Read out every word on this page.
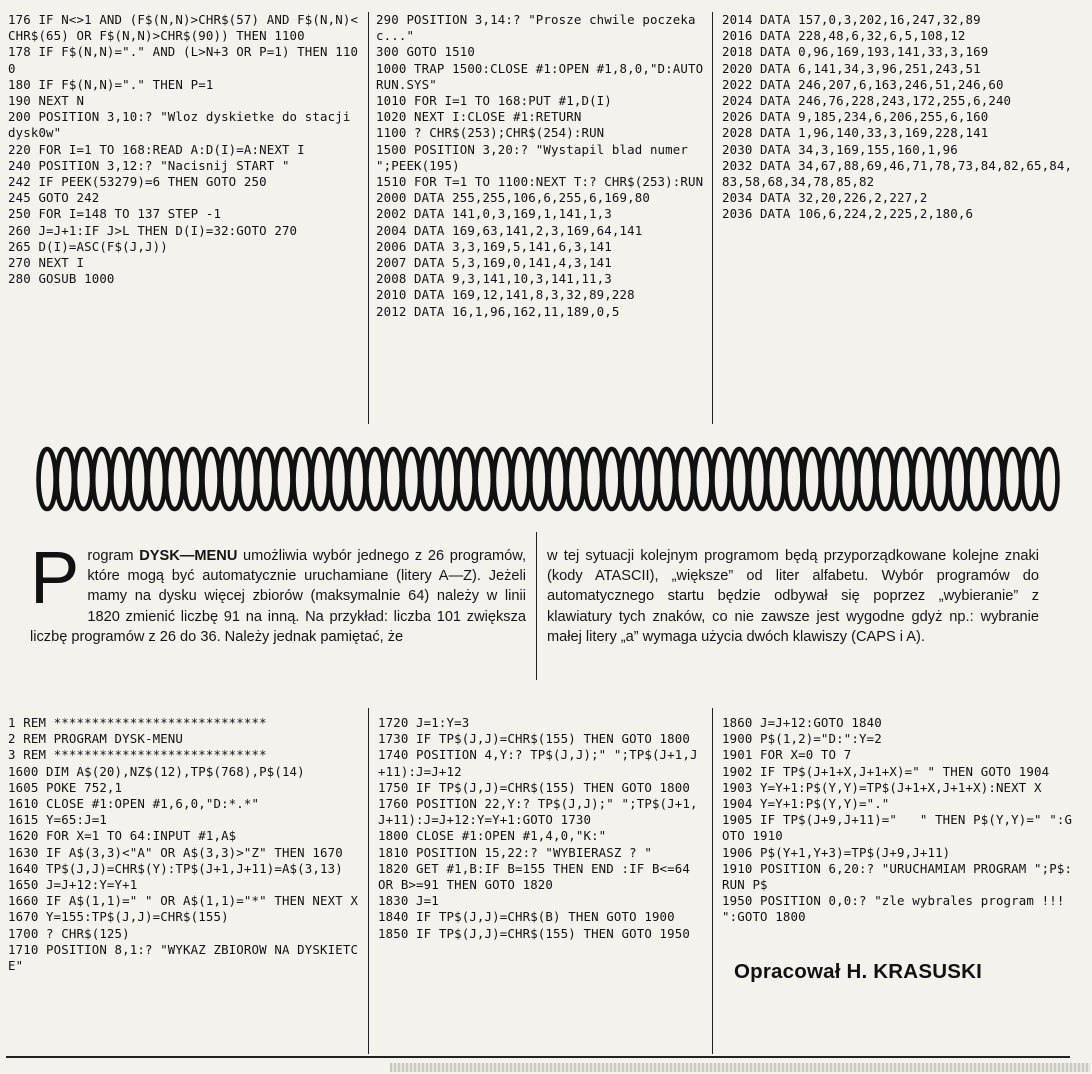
176 IF N<>1 AND (F$(N,N)>CHR$(57) AND F$(N,N)<CHR$(65) OR F$(N,N)>CHR$(90)) THEN 1100
178 IF F$(N,N)="." AND (L>N+3 OR P=1) THEN 1100
180 IF F$(N,N)="." THEN P=1
190 NEXT N
200 POSITION 3,10:? "Wloz dyskietke do stacji dysk0w"
220 FOR I=1 TO 168:READ A:D(I)=A:NEXT I
240 POSITION 3,12:? "Nacisnij START "
242 IF PEEK(53279)=6 THEN GOTO 250
245 GOTO 242
250 FOR I=148 TO 137 STEP -1
260 J=J+1:IF J>L THEN D(I)=32:GOTO 270
265 D(I)=ASC(F$(J,J))
270 NEXT I
280 GOSUB 1000
290 POSITION 3,14:? "Prosze chwile poczekac..."
300 GOTO 1510
1000 TRAP 1500:CLOSE #1:OPEN #1,8,0,"D:AUTORUN.SYS"
1010 FOR I=1 TO 168:PUT #1,D(I)
1020 NEXT I:CLOSE #1:RETURN
1100 ? CHR$(253);CHR$(254):RUN
1500 POSITION 3,20:? "Wystapil blad numer ";PEEK(195)
1510 FOR T=1 TO 1100:NEXT T:? CHR$(253):RUN
2000 DATA 255,255,106,6,255,6,169,80
2002 DATA 141,0,3,169,1,141,1,3
2004 DATA 169,63,141,2,3,169,64,141
2006 DATA 3,3,169,5,141,6,3,141
2007 DATA 5,3,169,0,141,4,3,141
2008 DATA 9,3,141,10,3,141,11,3
2010 DATA 169,12,141,8,3,32,89,228
2012 DATA 16,1,96,162,11,189,0,5
2014 DATA 157,0,3,202,16,247,32,89
2016 DATA 228,48,6,32,6,5,108,12
2018 DATA 0,96,169,193,141,33,3,169
2020 DATA 6,141,34,3,96,251,243,51
2022 DATA 246,207,6,163,246,51,246,60
2024 DATA 246,76,228,243,172,255,6,240
2026 DATA 9,185,234,6,206,255,6,160
2028 DATA 1,96,140,33,3,169,228,141
2030 DATA 34,3,169,155,160,1,96
2032 DATA 34,67,88,69,46,71,78,73,84,82,65,84,83,58,68,34,78,85,82
2034 DATA 32,20,226,2,227,2
2036 DATA 106,6,224,2,225,2,180,6
Program DYSK—MENU umożliwia wybór jednego z 26 programów, które mogą być automatycznie uruchamiane (litery A—Z). Jeżeli mamy na dysku więcej zbiorów (maksymalnie 64) należy w linii 1820 zmienić liczbę 91 na inną. Na przykład: liczba 101 zwiększa liczbę programów z 26 do 36. Należy jednak pamiętać, że
w tej sytuacji kolejnym programom będą przyporządkowane kolejne znaki (kody ATASCII), „większe” od liter alfabetu. Wybór programów do automatycznego startu będzie odbywał się poprzez „wybieranie” z klawiatury tych znaków, co nie zawsze jest wygodne gdyż np.: wybranie małej litery „a” wymaga użycia dwóch klawiszy (CAPS i A).
1 REM ****************************
2 REM PROGRAM DYSK-MENU
3 REM ****************************
1600 DIM A$(20),NZ$(12),TP$(768),P$(14)
1605 POKE 752,1
1610 CLOSE #1:OPEN #1,6,0,"D:*.*"
1615 Y=65:J=1
1620 FOR X=1 TO 64:INPUT #1,A$
1630 IF A$(3,3)<"A" OR A$(3,3)>"Z" THEN 1670
1640 TP$(J,J)=CHR$(Y):TP$(J+1,J+11)=A$(3,13)
1650 J=J+12:Y=Y+1
1660 IF A$(1,1)=" " OR A$(1,1)="*" THEN NEXT X
1670 Y=155:TP$(J,J)=CHR$(155)
1700 ? CHR$(125)
1710 POSITION 8,1:? "WYKAZ ZBIOROW NA DYSKIETCE"
1720 J=1:Y=3
1730 IF TP$(J,J)=CHR$(155) THEN GOTO 1800
1740 POSITION 4,Y:? TP$(J,J);" ";TP$(J+1,J+11):J=J+12
1750 IF TP$(J,J)=CHR$(155) THEN GOTO 1800
1760 POSITION 22,Y:? TP$(J,J);" ";TP$(J+1,J+11):J=J+12:Y=Y+1:GOTO 1730
1800 CLOSE #1:OPEN #1,4,0,"K:"
1810 POSITION 15,22:? "WYBIERASZ ? "
1820 GET #1,B:IF B=155 THEN END :IF B<=64 OR B>=91 THEN GOTO 1820
1830 J=1
1840 IF TP$(J,J)=CHR$(B) THEN GOTO 1900
1850 IF TP$(J,J)=CHR$(155) THEN GOTO 1950
1860 J=J+12:GOTO 1840
1900 P$(1,2)="D:":Y=2
1901 FOR X=0 TO 7
1902 IF TP$(J+1+X,J+1+X)=" " THEN GOTO 1904
1903 Y=Y+1:P$(Y,Y)=TP$(J+1+X,J+1+X):NEXT X
1904 Y=Y+1:P$(Y,Y)="."
1905 IF TP$(J+9,J+11)="   " THEN P$(Y,Y)=" ":GOTO 1910
1906 P$(Y+1,Y+3)=TP$(J+9,J+11)
1910 POSITION 6,20:? "URUCHAMIAM PROGRAM ";P$:RUN P$
1950 POSITION 0,0:? "zle wybrales program !!! ":GOTO 1800
Opracował H. KRASUSKI
